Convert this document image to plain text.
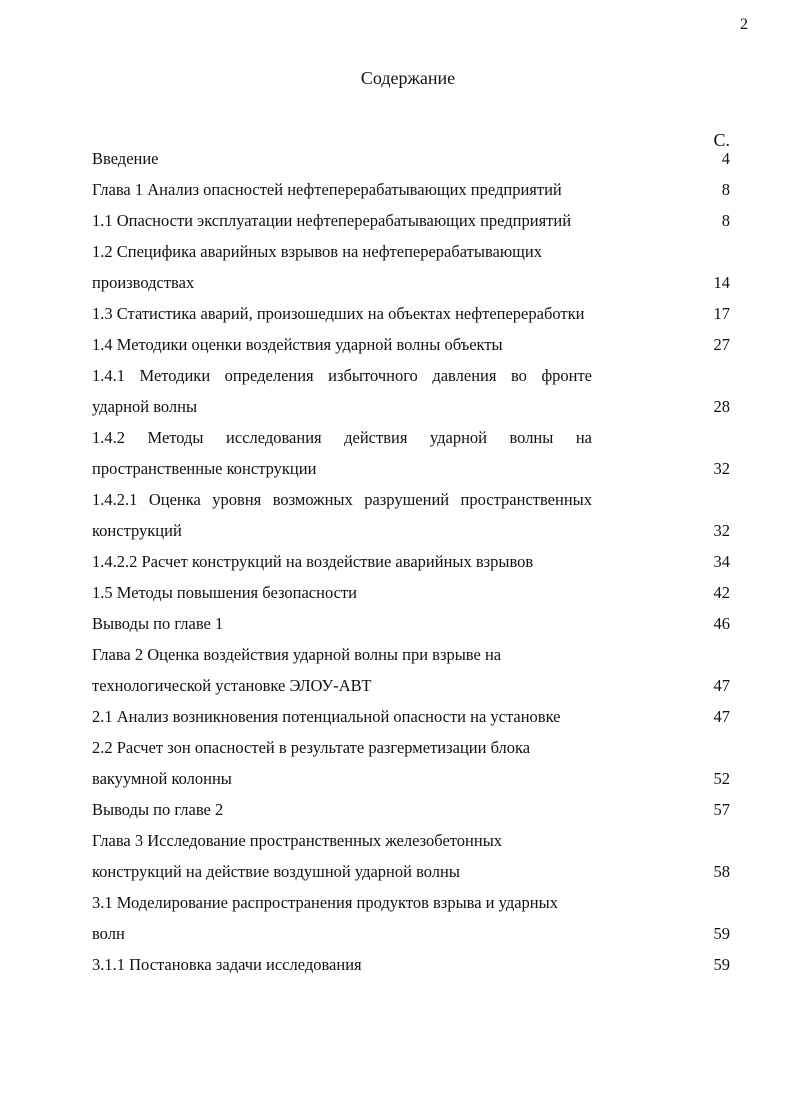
2
Содержание
С.
Введение	4
Глава 1 Анализ опасностей нефтеперерабатывающих предприятий	8
1.1 Опасности эксплуатации нефтеперерабатывающих предприятий	8
1.2 Специфика аварийных взрывов на нефтеперерабатывающих
производствах	14
1.3 Статистика аварий, произошедших на объектах нефтепереработки	17
1.4 Методики оценки воздействия ударной волны объекты	27
1.4.1 Методики определения избыточного давления во фронте
ударной волны	28
1.4.2 Методы исследования действия ударной волны на
пространственные конструкции	32
1.4.2.1 Оценка уровня возможных разрушений пространственных
конструкций	32
1.4.2.2 Расчет конструкций на воздействие аварийных взрывов	34
1.5 Методы повышения безопасности	42
Выводы по главе 1	46
Глава 2 Оценка воздействия ударной волны при взрыве на
технологической установке ЭЛОУ-АВТ	47
2.1 Анализ возникновения потенциальной опасности на установке	47
2.2 Расчет зон опасностей в результате разгерметизации блока
вакуумной колонны	52
Выводы по главе 2	57
Глава 3 Исследование пространственных железобетонных
конструкций на действие воздушной ударной волны	58
3.1 Моделирование распространения продуктов взрыва и ударных
волн	59
3.1.1 Постановка задачи исследования	59
